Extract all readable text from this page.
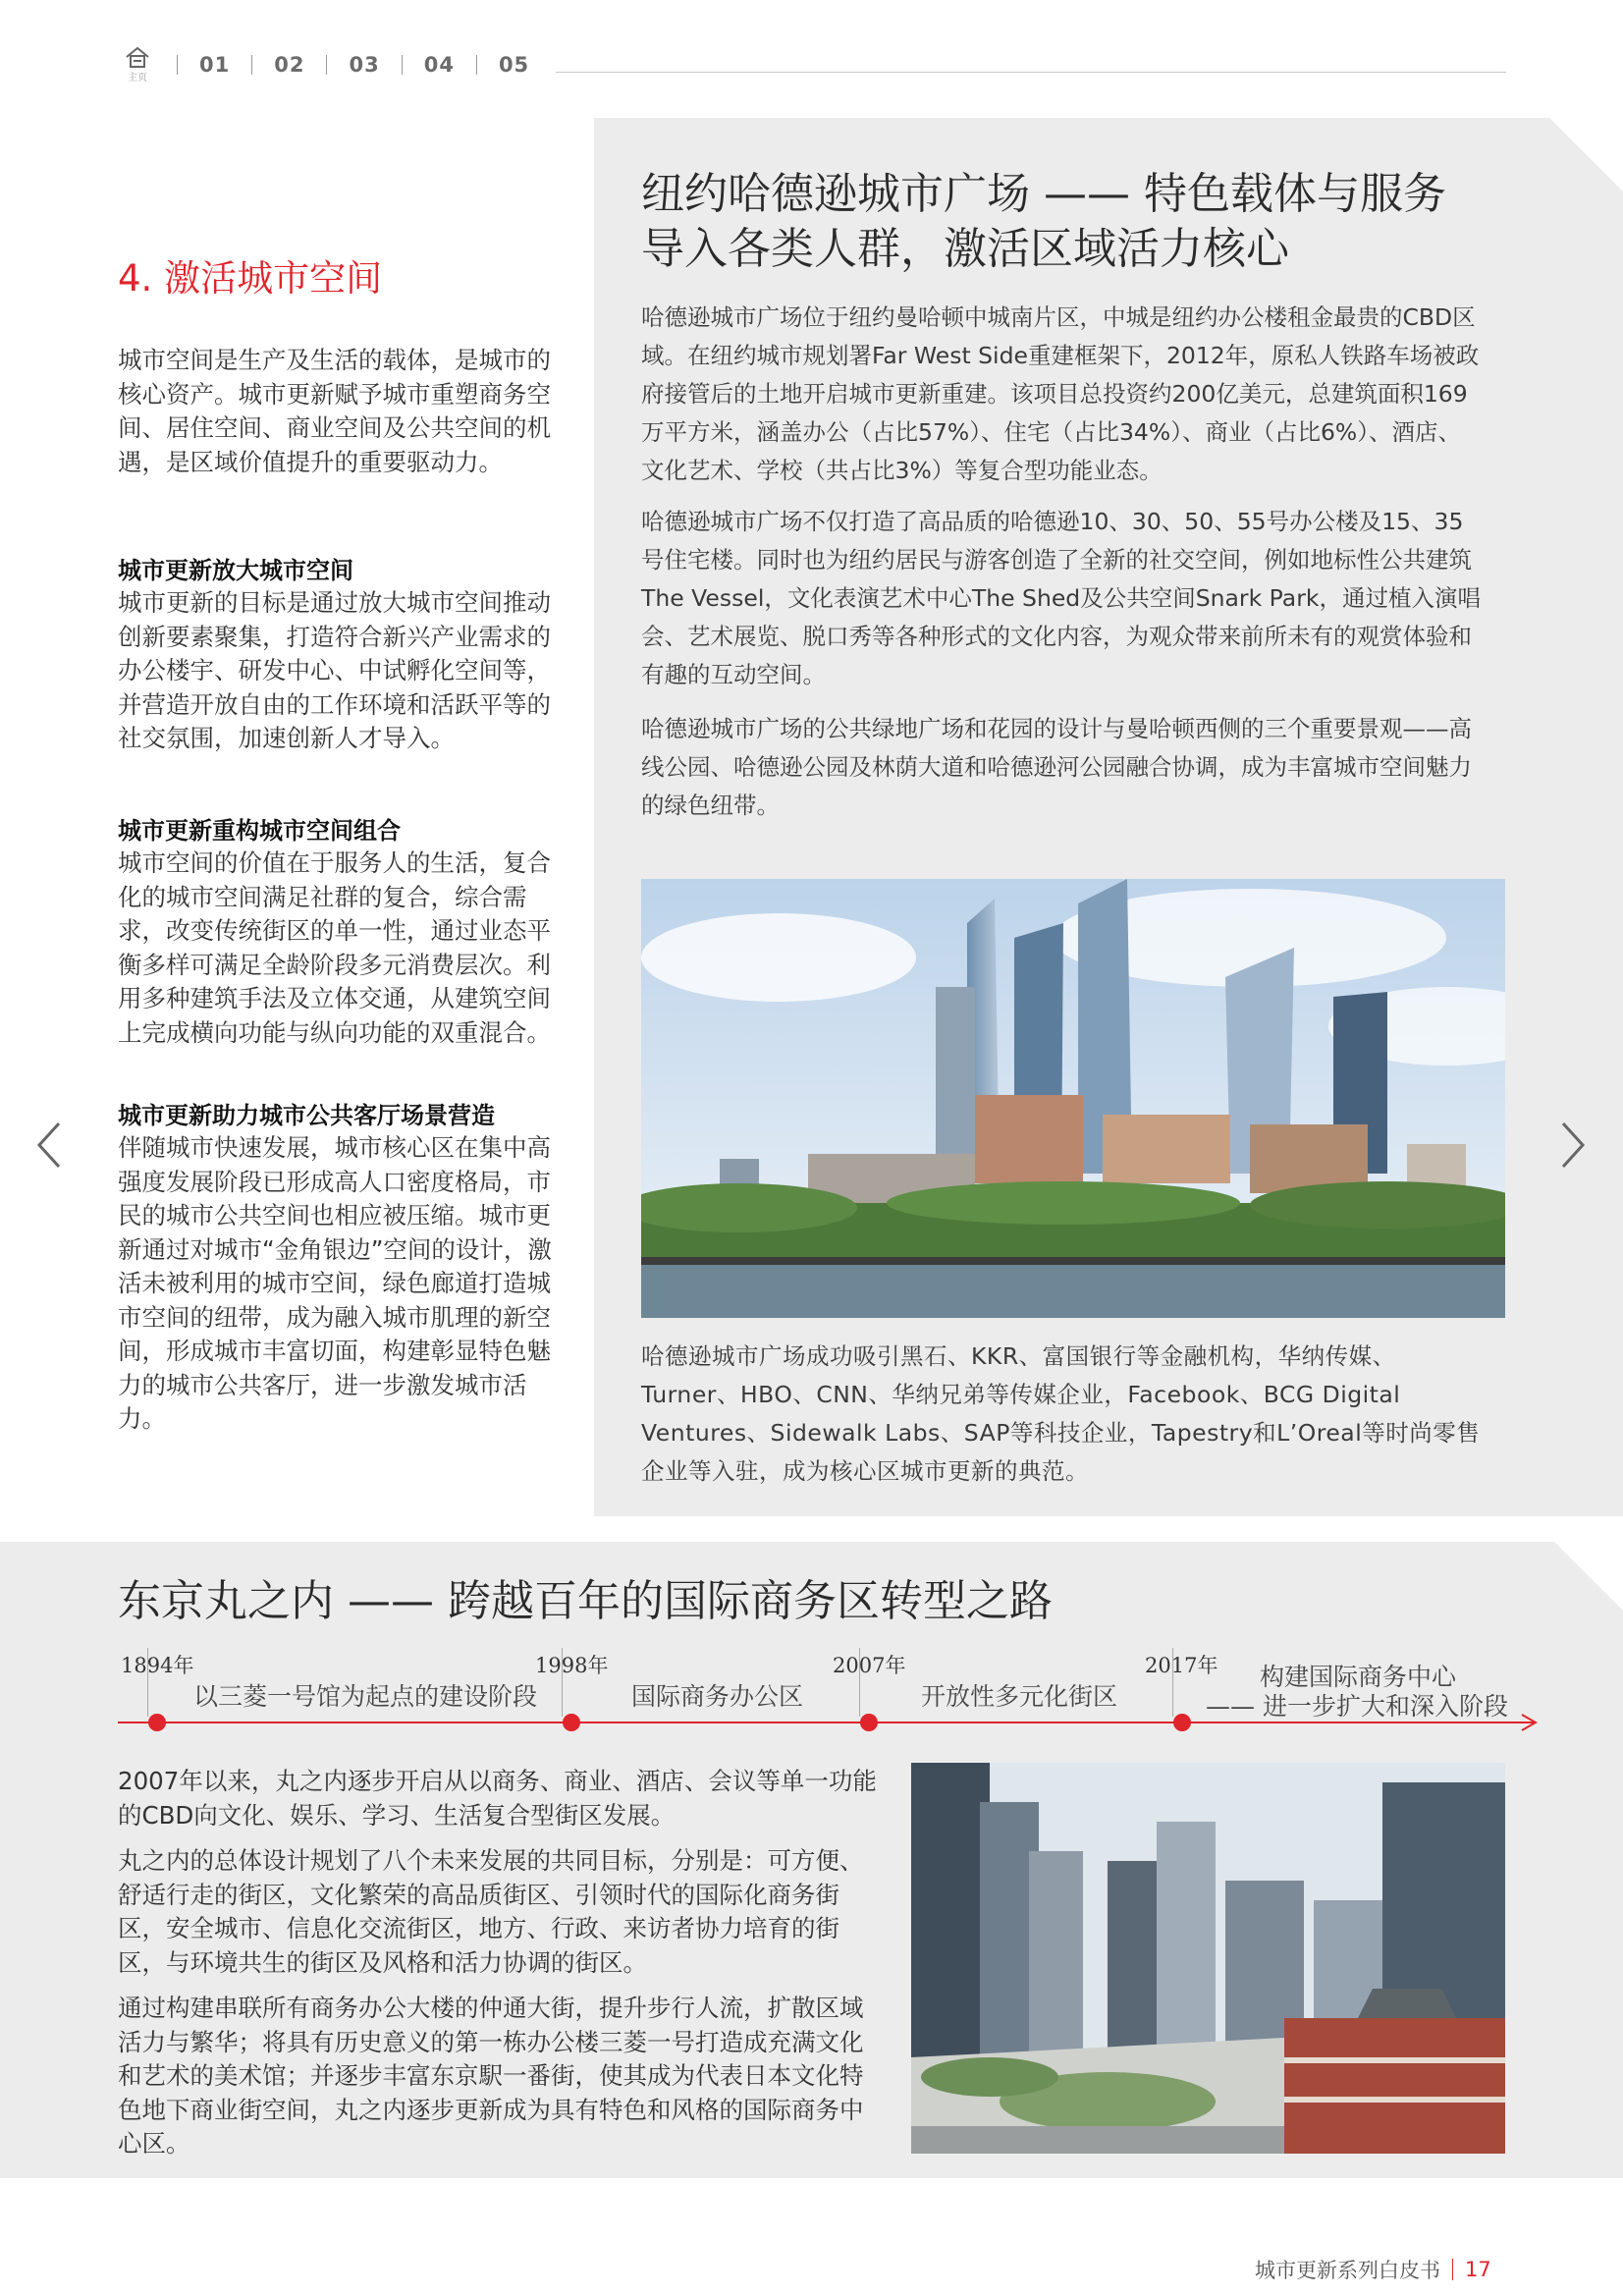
主页
01 02 03 04 05
4. 激活城市空间
城市空间是生产及生活的载体，是城市的核心资产。城市更新赋予城市重塑商务空间、居住空间、商业空间及公共空间的机遇，是区域价值提升的重要驱动力。
城市更新放大城市空间
城市更新的目标是通过放大城市空间推动创新要素聚集，打造符合新兴产业需求的办公楼宇、研发中心、中试孵化空间等，并营造开放自由的工作环境和活跃平等的社交氛围，加速创新人才导入。
城市更新重构城市空间组合
城市空间的价值在于服务人的生活，复合化的城市空间满足社群的复合，综合需求，改变传统街区的单一性，通过业态平衡多样可满足全龄阶段多元消费层次。利用多种建筑手法及立体交通，从建筑空间上完成横向功能与纵向功能的双重混合。
城市更新助力城市公共客厅场景营造
伴随城市快速发展，城市核心区在集中高强度发展阶段已形成高人口密度格局，市民的城市公共空间也相应被压缩。城市更新通过对城市“金角银边”空间的设计，激活未被利用的城市空间，绿色廊道打造城市空间的纽带，成为融入城市肌理的新空间，形成城市丰富切面，构建彰显特色魅力的城市公共客厅，进一步激发城市活力。
纽约哈德逊城市广场 —— 特色载体与服务导入各类人群，激活区域活力核心
哈德逊城市广场位于纽约曼哈顿中城南片区，中城是纽约办公楼租金最贵的CBD区域。在纽约城市规划署Far West Side重建框架下，2012年，原私人铁路车场被政府接管后的土地开启城市更新重建。该项目总投资约200亿美元，总建筑面积169万平方米，涵盖办公（占比57%）、住宅（占比34%）、商业（占比6%）、酒店、文化艺术、学校（共占比3%）等复合型功能业态。
哈德逊城市广场不仅打造了高品质的哈德逊10、30、50、55号办公楼及15、35号住宅楼。同时也为纽约居民与游客创造了全新的社交空间，例如地标性公共建筑The Vessel，文化表演艺术中心The Shed及公共空间Snark Park，通过植入演唱会、艺术展览、脱口秀等各种形式的文化内容，为观众带来前所未有的观赏体验和有趣的互动空间。
哈德逊城市广场的公共绿地广场和花园的设计与曼哈顿西侧的三个重要景观——高线公园、哈德逊公园及林荫大道和哈德逊河公园融合协调，成为丰富城市空间魅力的绿色纽带。
哈德逊城市广场成功吸引黑石、KKR、富国银行等金融机构，华纳传媒、Turner、HBO、CNN、华纳兄弟等传媒企业，Facebook、BCG Digital Ventures、Sidewalk Labs、SAP等科技企业，Tapestry和L’Oreal等时尚零售企业等入驻，成为核心区城市更新的典范。
东京丸之内 —— 跨越百年的国际商务区转型之路
1894年
以三菱一号馆为起点的建设阶段
1998年
国际商务办公区
2007年
开放性多元化街区
2017年 构建国际商务中心
—— 进一步扩大和深入阶段
2007年以来，丸之内逐步开启从以商务、商业、酒店、会议等单一功能的CBD向文化、娱乐、学习、生活复合型街区发展。
丸之内的总体设计规划了八个未来发展的共同目标，分别是：可方便、舒适行走的街区，文化繁荣的高品质街区、引领时代的国际化商务街区，安全城市、信息化交流街区，地方、行政、来访者协力培育的街区，与环境共生的街区及风格和活力协调的街区。
通过构建串联所有商务办公大楼的仲通大街，提升步行人流，扩散区域活力与繁华；将具有历史意义的第一栋办公楼三菱一号打造成充满文化和艺术的美术馆；并逐步丰富东京駅一番街，使其成为代表日本文化特色地下商业街空间，丸之内逐步更新成为具有特色和风格的国际商务中心区。
城市更新系列白皮书 17
